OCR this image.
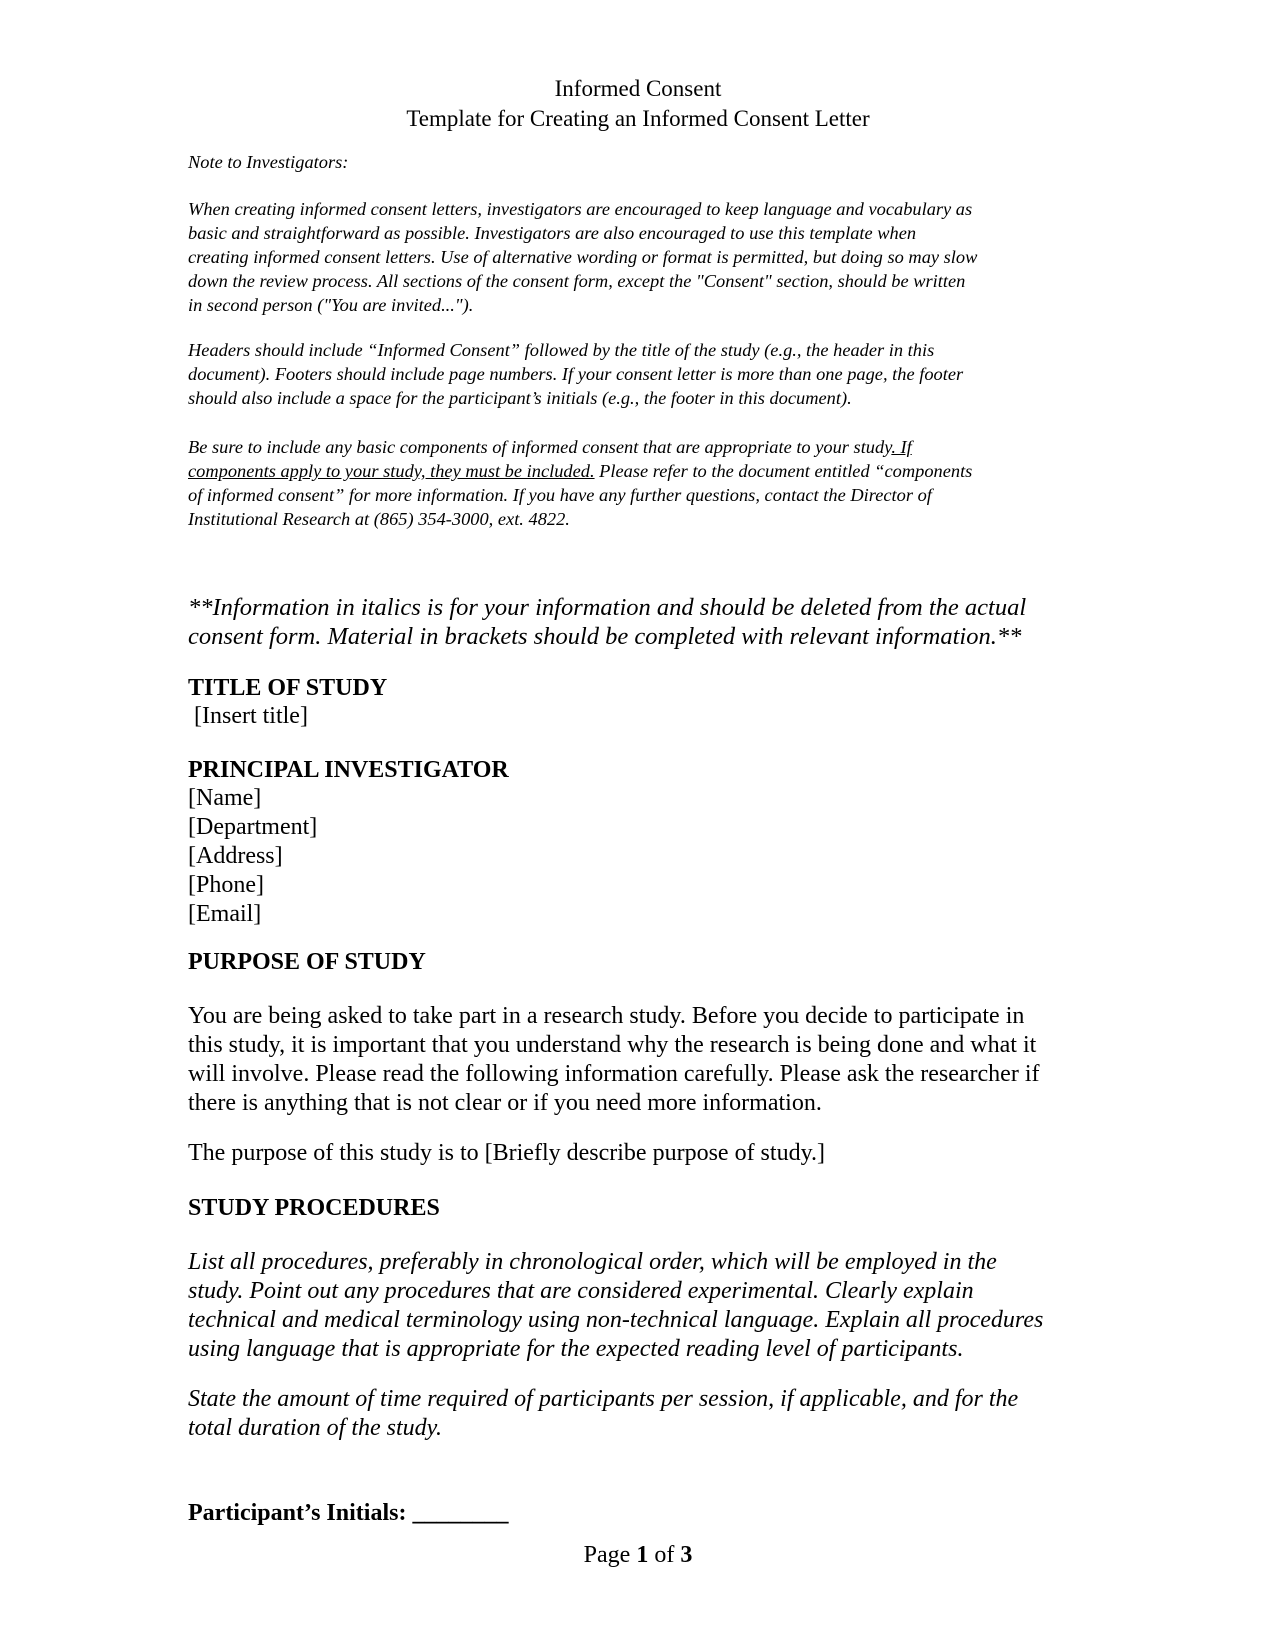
Informed Consent
Template for Creating an Informed Consent Letter
Note to Investigators:
When creating informed consent letters, investigators are encouraged to keep language and vocabulary as
basic and straightforward as possible. Investigators are also encouraged to use this template when
creating informed consent letters. Use of alternative wording or format is permitted, but doing so may slow
down the review process. All sections of the consent form, except the "Consent" section, should be written
in second person ("You are invited...").
Headers should include “Informed Consent” followed by the title of the study (e.g., the header in this
document). Footers should include page numbers. If your consent letter is more than one page, the footer
should also include a space for the participant’s initials (e.g., the footer in this document).
Be sure to include any basic components of informed consent that are appropriate to your study. If
components apply to your study, they must be included. Please refer to the document entitled “components
of informed consent” for more information. If you have any further questions, contact the Director of
Institutional Research at (865) 354-3000, ext. 4822.
**Information in italics is for your information and should be deleted from the actual
consent form. Material in brackets should be completed with relevant information.**
TITLE OF STUDY
[Insert title]
PRINCIPAL INVESTIGATOR
[Name]
[Department]
[Address]
[Phone]
[Email]
PURPOSE OF STUDY
You are being asked to take part in a research study. Before you decide to participate in
this study, it is important that you understand why the research is being done and what it
will involve. Please read the following information carefully. Please ask the researcher if
there is anything that is not clear or if you need more information.
The purpose of this study is to [Briefly describe purpose of study.]
STUDY PROCEDURES
List all procedures, preferably in chronological order, which will be employed in the
study. Point out any procedures that are considered experimental. Clearly explain
technical and medical terminology using non-technical language. Explain all procedures
using language that is appropriate for the expected reading level of participants.
State the amount of time required of participants per session, if applicable, and for the
total duration of the study.
Page 1 of 3
Participant’s Initials: ________
